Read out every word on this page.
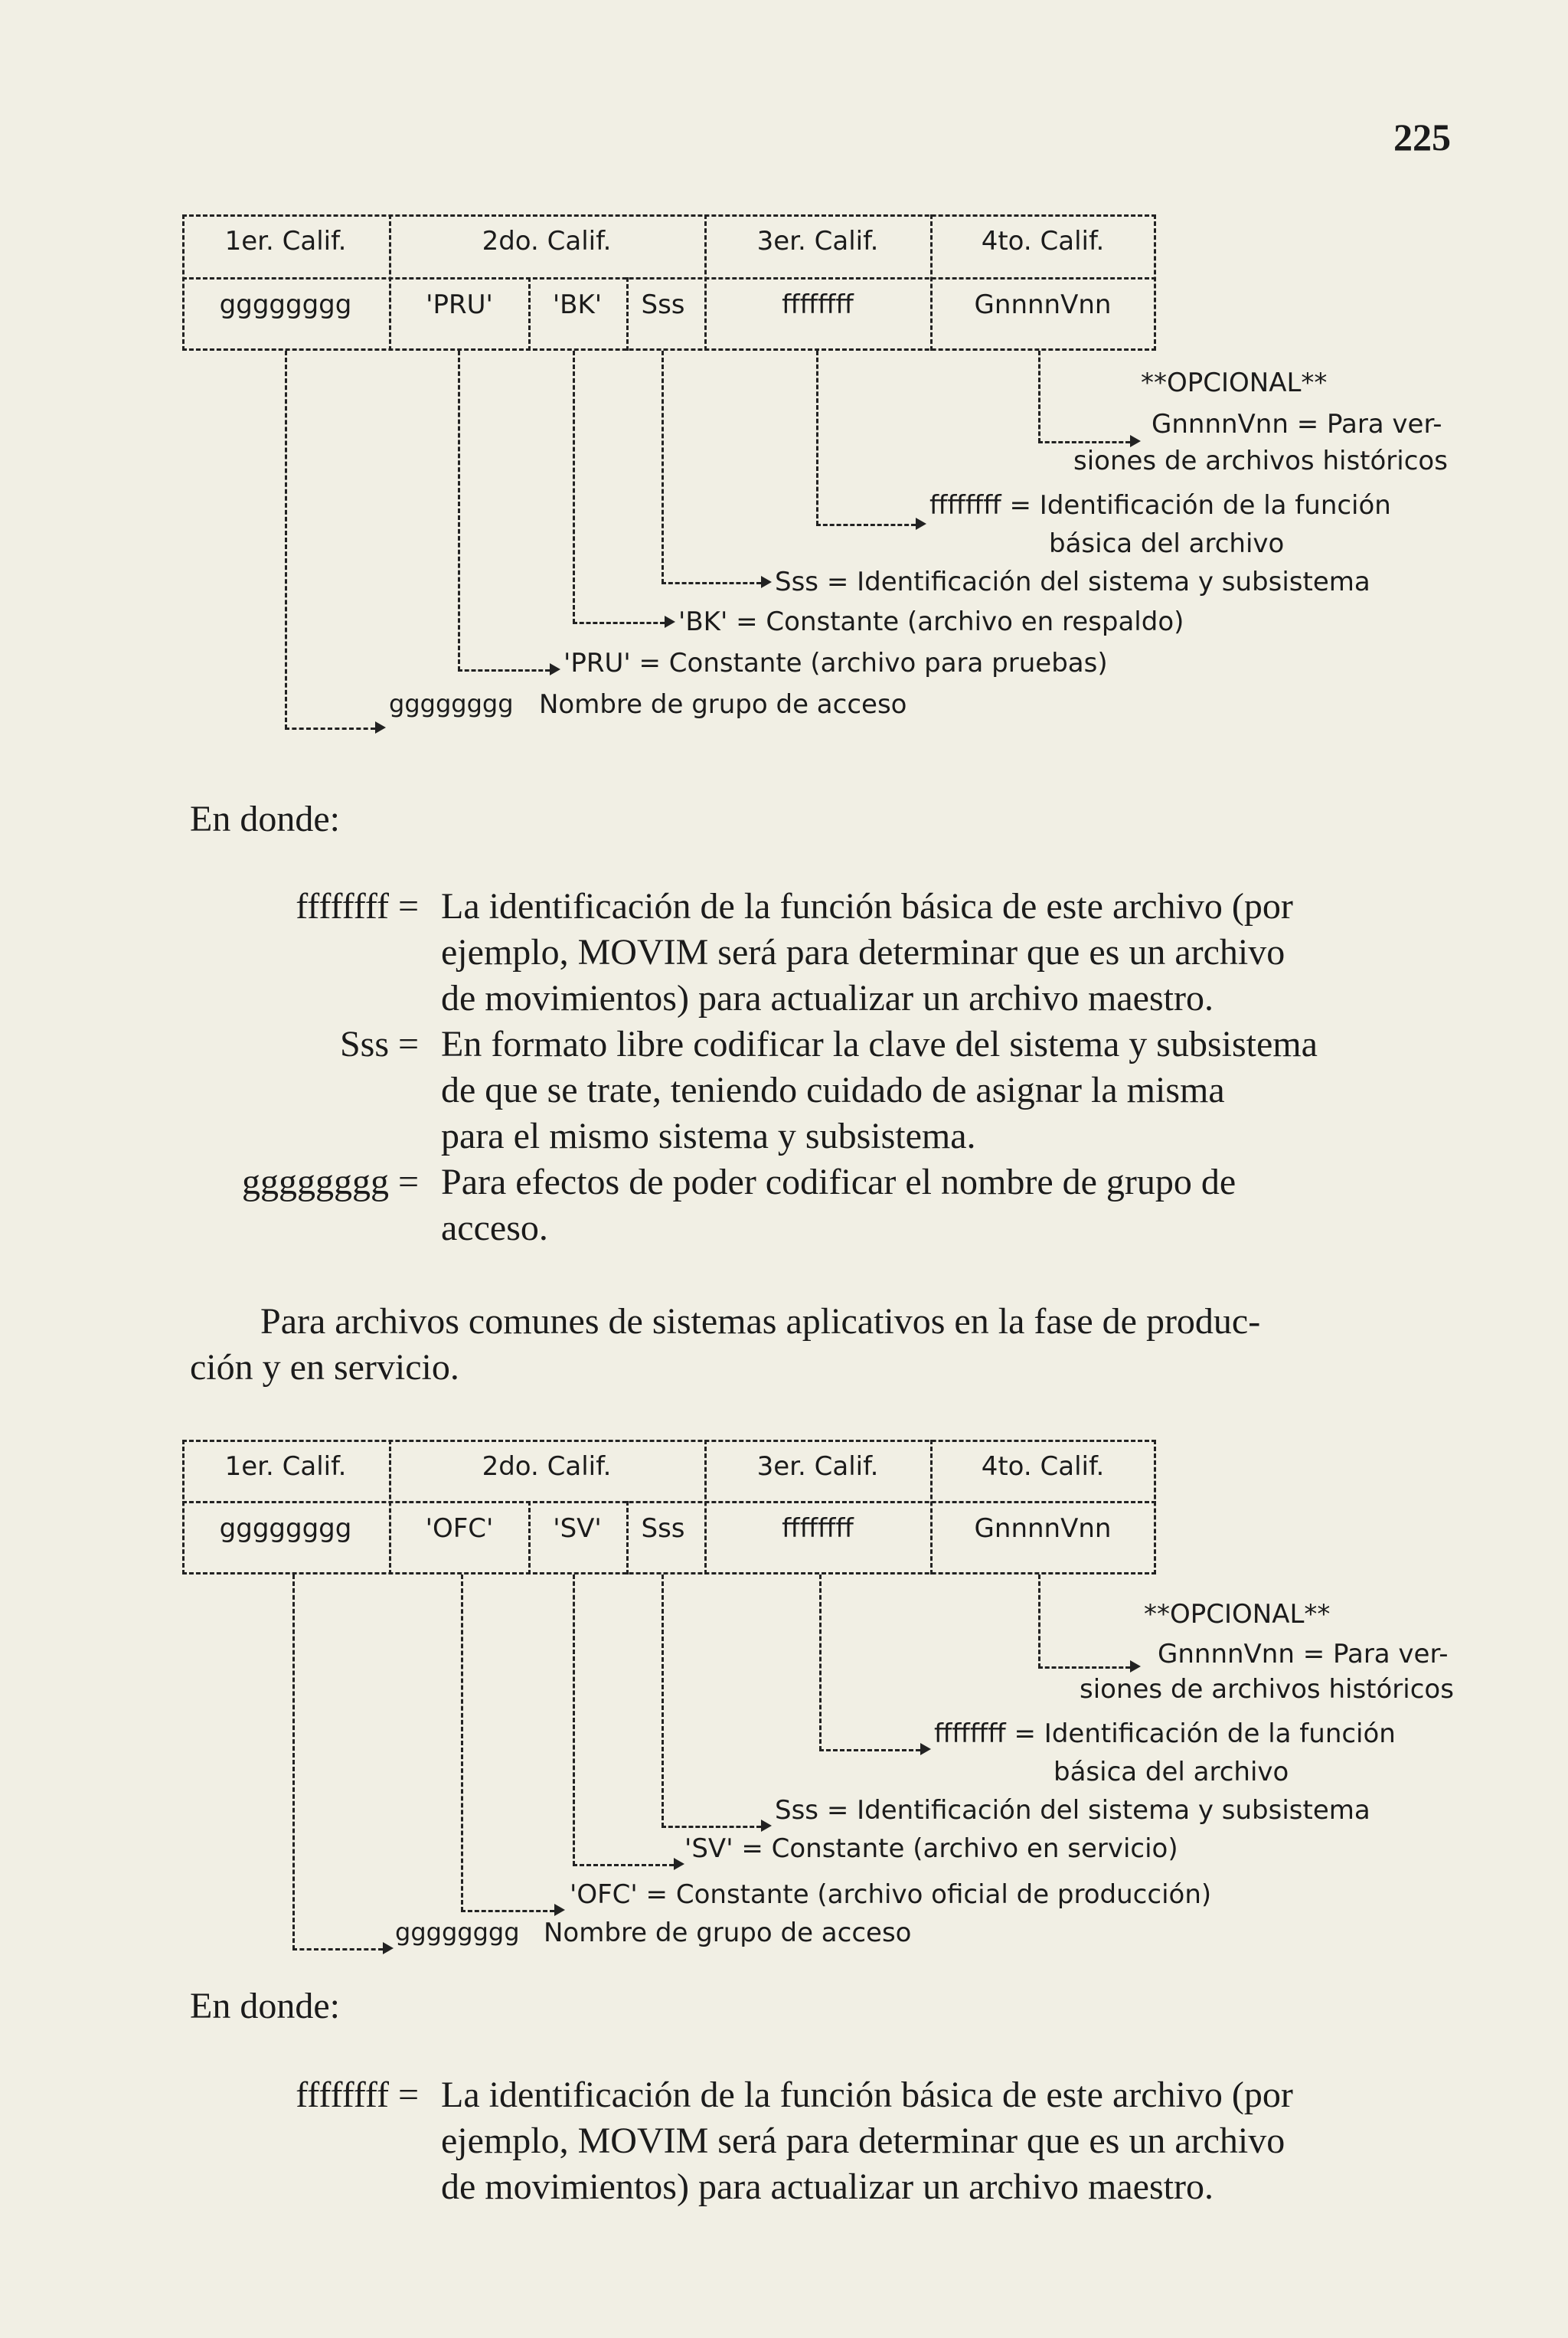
225
1er. Calif.	2do. Calif.	3er. Calif.	4to. Calif.
gggggggg	'PRU' 'BK' Sss	ffffffff	GnnnnVnn
**OPCIONAL**
GnnnnVnn = Para ver-
siones de archivos históricos
ffffffff = Identificación de la función
básica del archivo
Sss = Identificación del sistema y subsistema
'BK' = Constante (archivo en respaldo)
'PRU' = Constante (archivo para pruebas)
gggggggg Nombre de grupo de acceso
En donde:
ffffffff = La identificación de la función básica de este archivo (por
ejemplo, MOVIM será para determinar que es un archivo
de movimientos) para actualizar un archivo maestro.
Sss = En formato libre codificar la clave del sistema y subsistema
de que se trate, teniendo cuidado de asignar la misma
para el mismo sistema y subsistema.
gggggggg = Para efectos de poder codificar el nombre de grupo de
acceso.
Para archivos comunes de sistemas aplicativos en la fase de produc-
ción y en servicio.
1er. Calif.	2do. Calif.	3er. Calif.	4to. Calif.
gggggggg	'OFC' 'SV' Sss	ffffffff	GnnnnVnn
**OPCIONAL**
GnnnnVnn = Para ver-
siones de archivos históricos
ffffffff = Identificación de la función
básica del archivo
Sss = Identificación del sistema y subsistema
'SV' = Constante (archivo en servicio)
'OFC' = Constante (archivo oficial de producción)
gggggggg Nombre de grupo de acceso
En donde:
ffffffff = La identificación de la función básica de este archivo (por
ejemplo, MOVIM será para determinar que es un archivo
de movimientos) para actualizar un archivo maestro.
